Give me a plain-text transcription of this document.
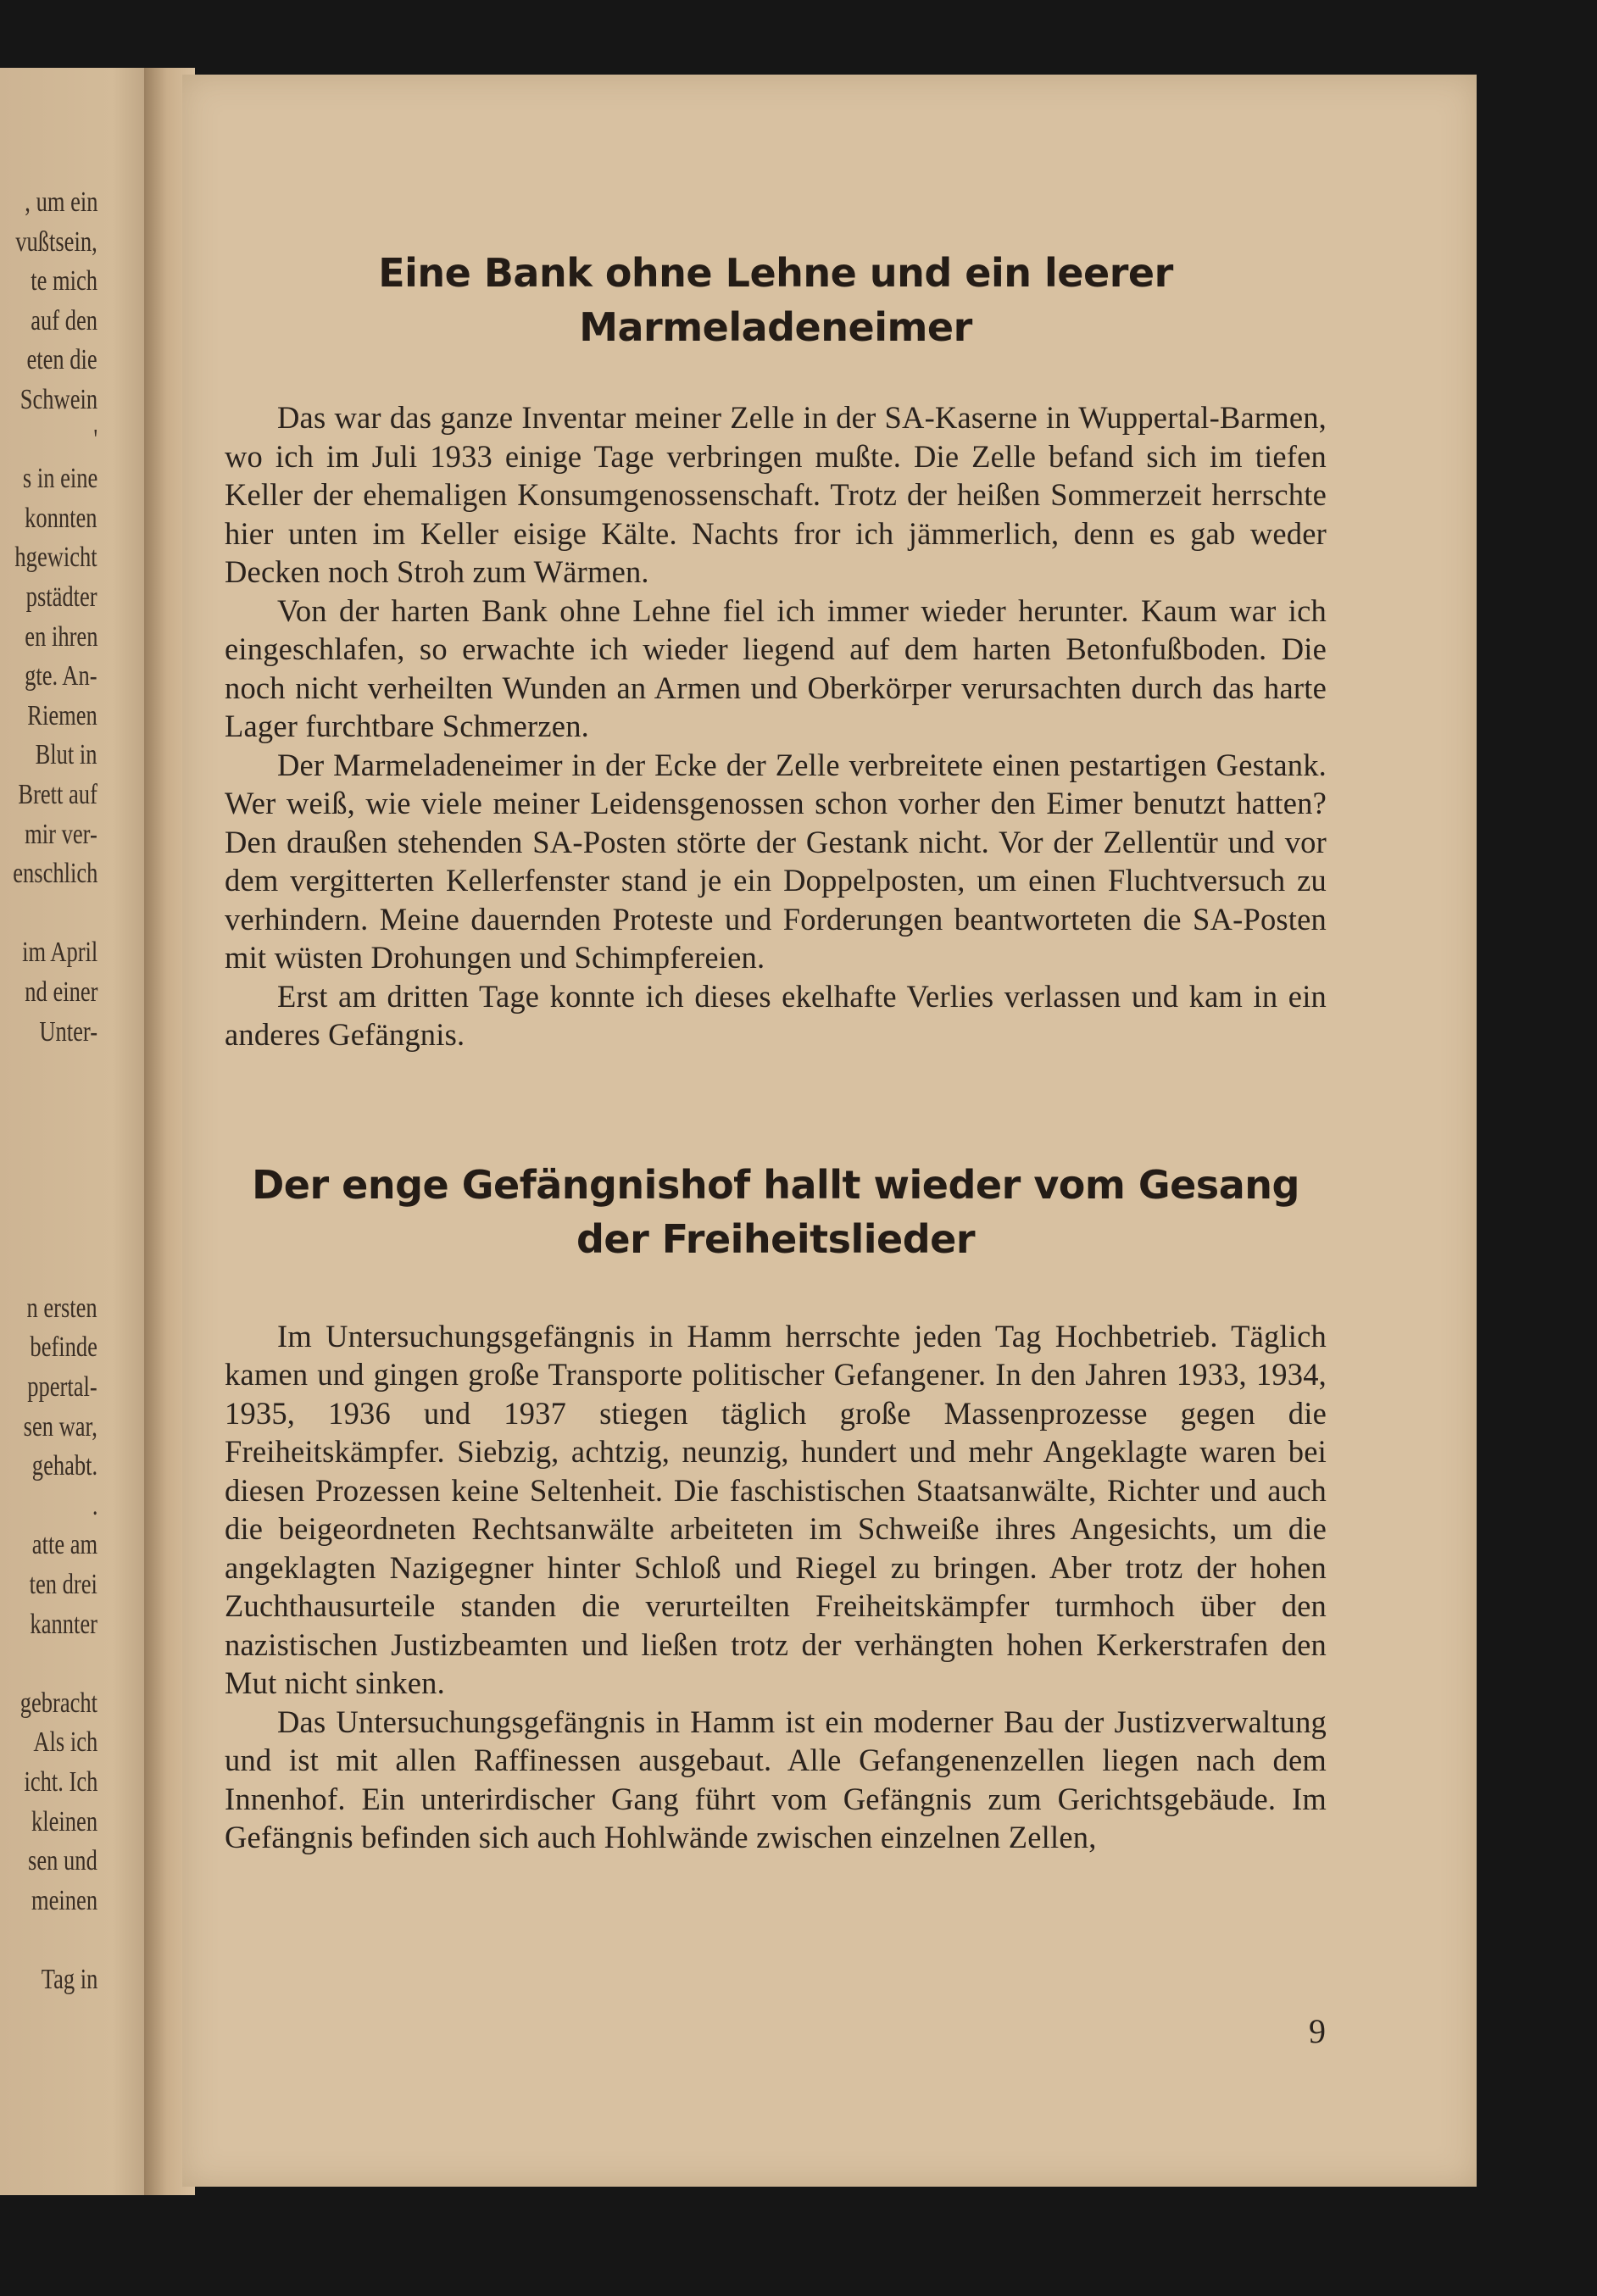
, um ein
vußtsein,
te mich
auf den
eten die
Schwein
'
s in eine
konnten
hgewicht
pstädter
en ihren
gte. An-
Riemen
Blut in
Brett auf
mir ver-
enschlich
im April
nd einer
Unter-
n ersten
befinde
ppertal-
sen war,
gehabt.
.
atte am
ten drei
kannter
gebracht
Als ich
icht. Ich
kleinen
sen und
meinen
Tag in
Eine Bank ohne Lehne und ein leerer Marmeladeneimer

Das war das ganze Inventar meiner Zelle in der SA-Kaserne in Wuppertal-Barmen, wo ich im Juli 1933 einige Tage verbringen mußte. Die Zelle befand sich im tiefen Keller der ehemaligen Konsumgenossenschaft. Trotz der heißen Sommerzeit herrschte hier unten im Keller eisige Kälte. Nachts fror ich jämmerlich, denn es gab weder Decken noch Stroh zum Wärmen.

Von der harten Bank ohne Lehne fiel ich immer wieder herunter. Kaum war ich eingeschlafen, so erwachte ich wieder liegend auf dem harten Betonfußboden. Die noch nicht verheilten Wunden an Armen und Oberkörper verursachten durch das harte Lager furchtbare Schmerzen.

Der Marmeladeneimer in der Ecke der Zelle verbreitete einen pestartigen Gestank. Wer weiß, wie viele meiner Leidensgenossen schon vorher den Eimer benutzt hatten? Den draußen stehenden SA-Posten störte der Gestank nicht. Vor der Zellentür und vor dem vergitterten Kellerfenster stand je ein Doppelposten, um einen Fluchtversuch zu verhindern. Meine dauernden Proteste und Forderungen beantworteten die SA-Posten mit wüsten Drohungen und Schimpfereien.

Erst am dritten Tage konnte ich dieses ekelhafte Verlies verlassen und kam in ein anderes Gefängnis.

Der enge Gefängnishof hallt wieder vom Gesang der Freiheitslieder

Im Untersuchungsgefängnis in Hamm herrschte jeden Tag Hochbetrieb. Täglich kamen und gingen große Transporte politischer Gefangener. In den Jahren 1933, 1934, 1935, 1936 und 1937 stiegen täglich große Massenprozesse gegen die Freiheitskämpfer. Siebzig, achtzig, neunzig, hundert und mehr Angeklagte waren bei diesen Prozessen keine Seltenheit. Die faschistischen Staatsanwälte, Richter und auch die beigeordneten Rechtsanwälte arbeiteten im Schweiße ihres Angesichts, um die angeklagten Nazigegner hinter Schloß und Riegel zu bringen. Aber trotz der hohen Zuchthausurteile standen die verurteilten Freiheitskämpfer turmhoch über den nazistischen Justizbeamten und ließen trotz der verhängten hohen Kerkerstrafen den Mut nicht sinken.

Das Untersuchungsgefängnis in Hamm ist ein moderner Bau der Justizverwaltung und ist mit allen Raffinessen ausgebaut. Alle Gefangenenzellen liegen nach dem Innenhof. Ein unterirdischer Gang führt vom Gefängnis zum Gerichtsgebäude. Im Gefängnis befinden sich auch Hohlwände zwischen einzelnen Zellen,

9
